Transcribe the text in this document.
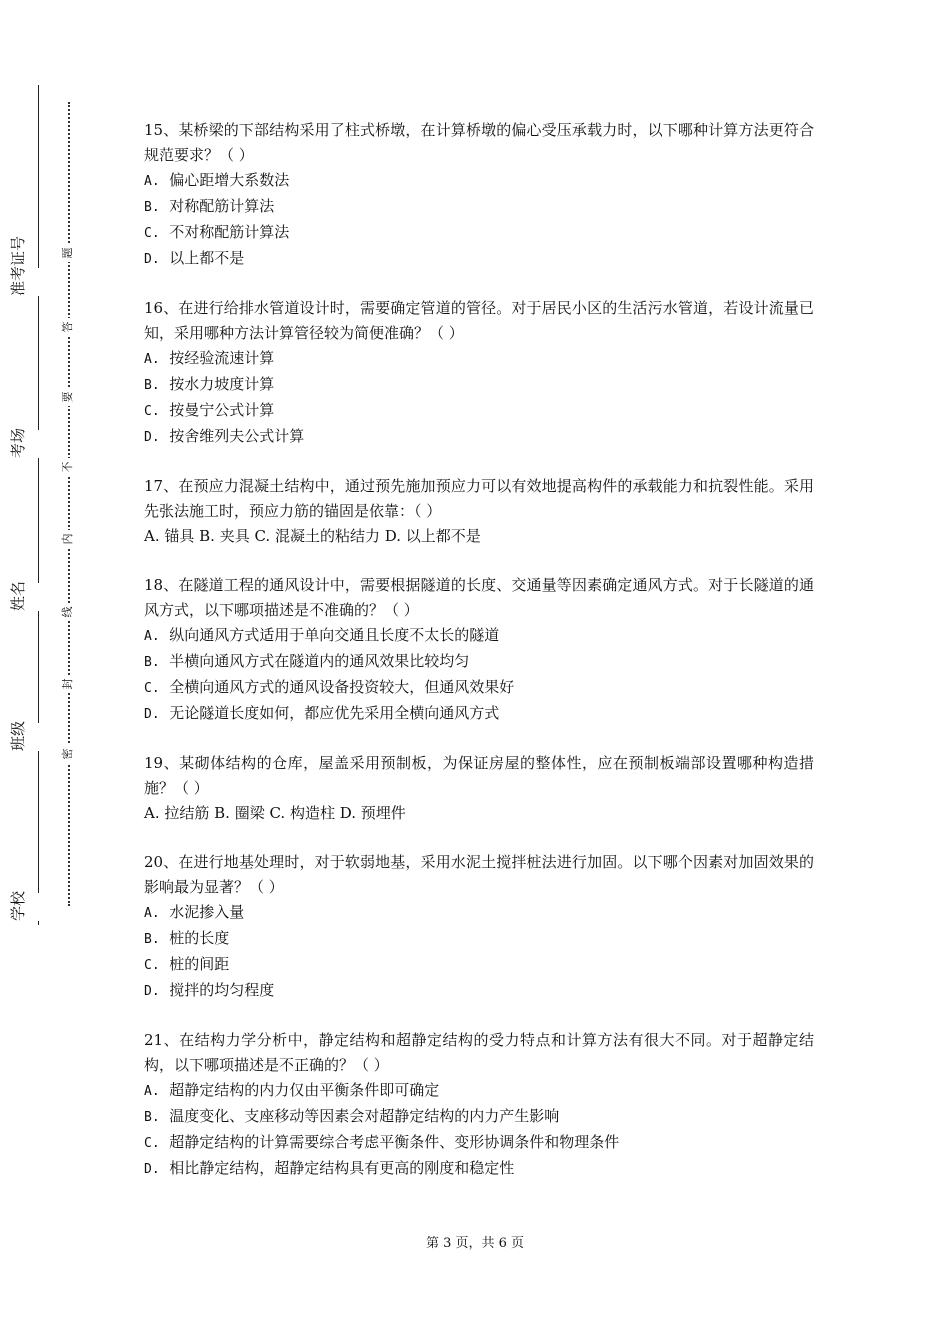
准考证号
考场
姓名
班级
学校
题
答
要
不
内
线
封
密
15、某桥梁的下部结构采用了柱式桥墩，在计算桥墩的偏心受压承载力时，以下哪种计算方法更符合规范要求？（ ）
A. 偏心距增大系数法
B. 对称配筋计算法
C. 不对称配筋计算法
D. 以上都不是
16、在进行给排水管道设计时，需要确定管道的管径。对于居民小区的生活污水管道，若设计流量已知，采用哪种方法计算管径较为简便准确？（ ）
A. 按经验流速计算
B. 按水力坡度计算
C. 按曼宁公式计算
D. 按舍维列夫公式计算
17、在预应力混凝土结构中，通过预先施加预应力可以有效地提高构件的承载能力和抗裂性能。采用先张法施工时，预应力筋的锚固是依靠：（ ）
A. 锚具 B. 夹具 C. 混凝土的粘结力 D. 以上都不是
18、在隧道工程的通风设计中，需要根据隧道的长度、交通量等因素确定通风方式。对于长隧道的通风方式，以下哪项描述是不准确的？（ ）
A. 纵向通风方式适用于单向交通且长度不太长的隧道
B. 半横向通风方式在隧道内的通风效果比较均匀
C. 全横向通风方式的通风设备投资较大，但通风效果好
D. 无论隧道长度如何，都应优先采用全横向通风方式
19、某砌体结构的仓库，屋盖采用预制板，为保证房屋的整体性，应在预制板端部设置哪种构造措施？（ ）
A. 拉结筋 B. 圈梁 C. 构造柱 D. 预埋件
20、在进行地基处理时，对于软弱地基，采用水泥土搅拌桩法进行加固。以下哪个因素对加固效果的影响最为显著？（ ）
A. 水泥掺入量
B. 桩的长度
C. 桩的间距
D. 搅拌的均匀程度
21、在结构力学分析中，静定结构和超静定结构的受力特点和计算方法有很大不同。对于超静定结构，以下哪项描述是不正确的？（ ）
A. 超静定结构的内力仅由平衡条件即可确定
B. 温度变化、支座移动等因素会对超静定结构的内力产生影响
C. 超静定结构的计算需要综合考虑平衡条件、变形协调条件和物理条件
D. 相比静定结构，超静定结构具有更高的刚度和稳定性
第 3 页，共 6 页
